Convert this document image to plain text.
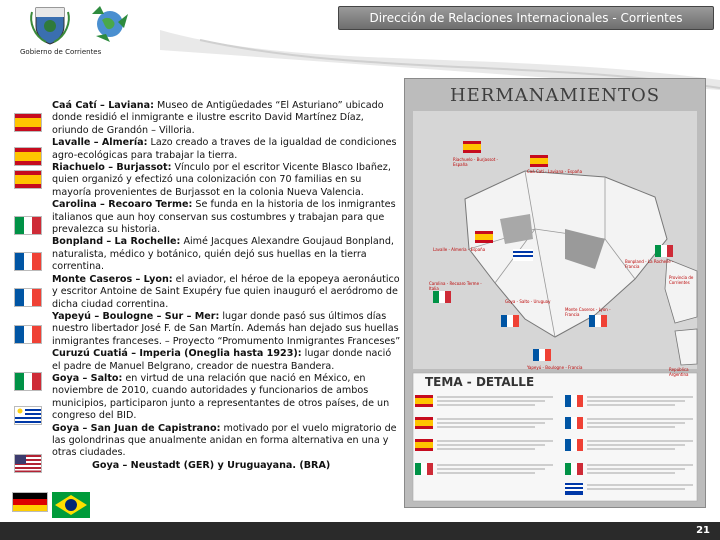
Gobierno de Corrientes
Dirección de Relaciones Internacionales - Corrientes

Caá Catí – Laviana: Museo de Antigüedades “El Asturiano” ubicado donde residió el inmigrante e ilustre escrito David Martínez Díaz, oriundo de Grandón – Villoria.

Lavalle – Almería: Lazo creado a traves de la igualdad de condiciones agro-ecológicas para trabajar la tierra.

Riachuelo – Burjassot: Vínculo por el escritor Vicente Blasco Ibañez, quien organizó y efectizó una colonización con 70 familias en su mayoría provenientes de Burjassot en la colonia Nueva Valencia.

Carolina – Recoaro Terme: Se funda en la historia de los inmigrantes italianos que aun hoy conservan sus costumbres y trabajan para que prevalezca su historia.

Bonpland – La Rochelle: Aimé Jacques Alexandre Goujaud Bonpland, naturalista, médico y botánico, quién dejó sus huellas en la tierra correntina.

Monte Caseros – Lyon: el aviador, el héroe de la epopeya aeronáutico y escritor Antoine de Saint Exupéry fue quien inauguró el aeródromo de dicha ciudad correntina.

Yapeyú – Boulogne – Sur – Mer: lugar donde pasó sus últimos días nuestro libertador José F. de San Martín. Además han dejado sus huellas inmigrantes franceses. – Proyecto “Promumento Inmigrantes Franceses”

Curuzú Cuatiá – Imperia (Oneglia hasta 1923): lugar donde nació el padre de Manuel Belgrano, creador de nuestra Bandera.

Goya – Salto: en virtud de una relación que nació en México, en noviembre de 2010, cuando autoridades y funcionarios de ambos municipios, participaron junto a representantes de otros países, de un congreso del BID.

Goya – San Juan de Capistrano: motivado por el vuelo migratorio de las golondrinas que anualmente anidan en forma alternativa en una y otras ciudades.

Goya – Neustadt (GER) y Uruguayana. (BRA)

HERMANAMIENTOS
Riachuelo - Burjassot - España
Caá Catí - Laviana - España
Lavalle - Almería - España
Carolina - Recoaro Terme - Italia
Goya - Salto - Uruguay
Monte Caseros - Lyon - Francia
Yapeyú - Boulogne - Francia
Bonpland - La Rochelle - Francia
Provincia de Corrientes
República Argentina
TEMA - DETALLE
21
